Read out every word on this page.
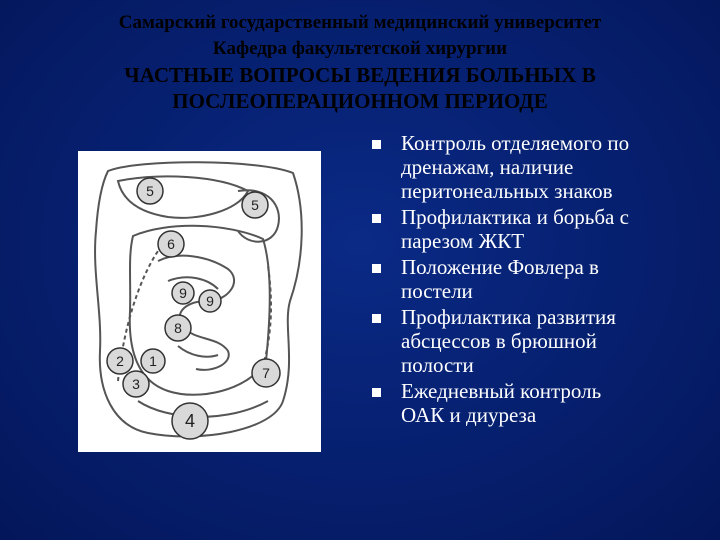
Самарский государственный медицинский университет
Кафедра факультетской хирургии
ЧАСТНЫЕ ВОПРОСЫ ВЕДЕНИЯ БОЛЬНЫХ В
ПОСЛЕОПЕРАЦИОННОМ ПЕРИОДЕ
5
5
6
9 9
8
2 1
3
7
4
Контроль отделяемого по
дренажам, наличие
перитонеальных знаков
Профилактика и борьба с
парезом ЖКТ
Положение Фовлера в
постели
Профилактика развития
абсцессов в брюшной
полости
Ежедневный контроль
ОАК и диуреза
